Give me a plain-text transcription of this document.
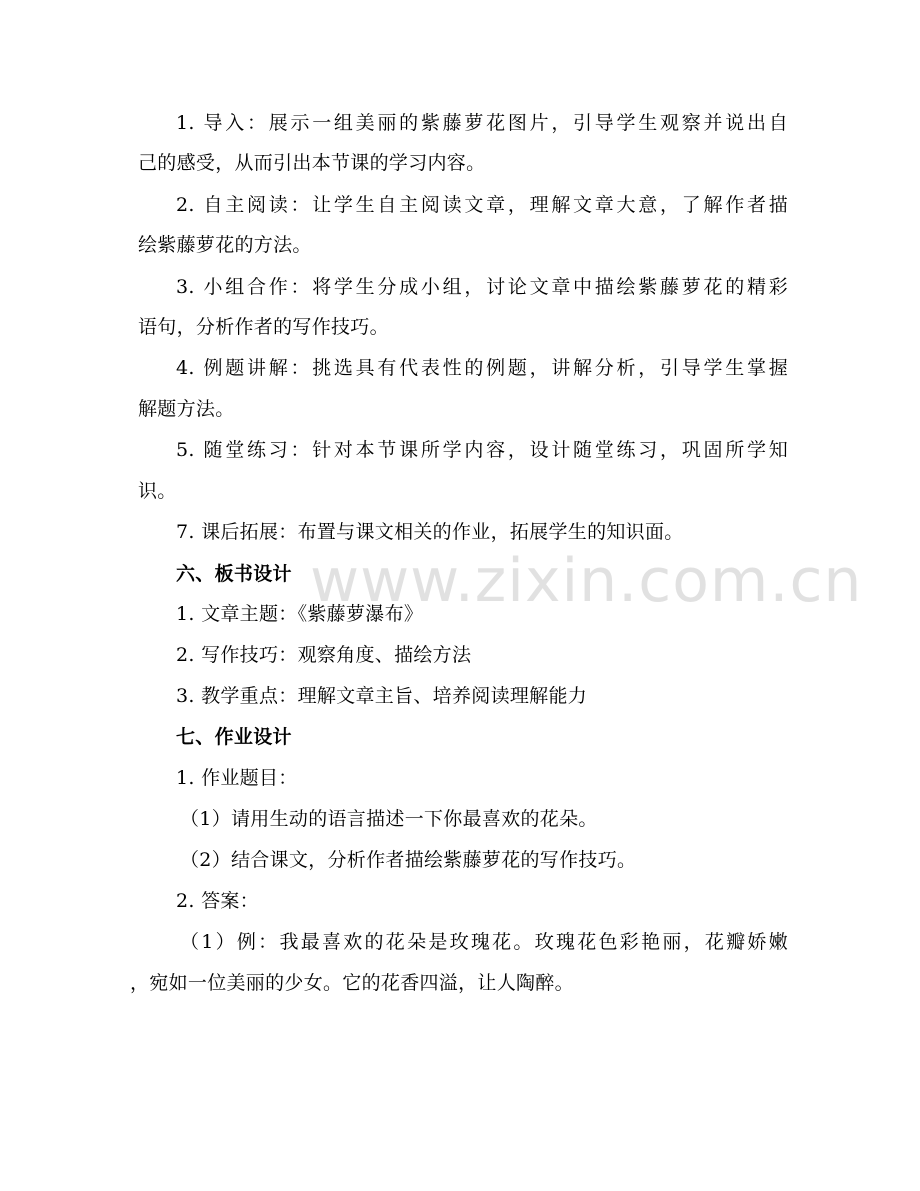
1. 导入：展示一组美丽的紫藤萝花图片，引导学生观察并说出自
己的感受，从而引出本节课的学习内容。
2. 自主阅读：让学生自主阅读文章，理解文章大意，了解作者描
绘紫藤萝花的方法。
3. 小组合作：将学生分成小组，讨论文章中描绘紫藤萝花的精彩
语句，分析作者的写作技巧。
4. 例题讲解：挑选具有代表性的例题，讲解分析，引导学生掌握
解题方法。
5. 随堂练习：针对本节课所学内容，设计随堂练习，巩固所学知
识。
7. 课后拓展：布置与课文相关的作业，拓展学生的知识面。
六、板书设计
1. 文章主题：《紫藤萝瀑布》
2. 写作技巧：观察角度、描绘方法
3. 教学重点：理解文章主旨、培养阅读理解能力
七、作业设计
1. 作业题目：
（1）请用生动的语言描述一下你最喜欢的花朵。
（2）结合课文，分析作者描绘紫藤萝花的写作技巧。
2. 答案：
（1）例：我最喜欢的花朵是玫瑰花。玫瑰花色彩艳丽，花瓣娇嫩
，宛如一位美丽的少女。它的花香四溢，让人陶醉。
www.zixin.com.cn
